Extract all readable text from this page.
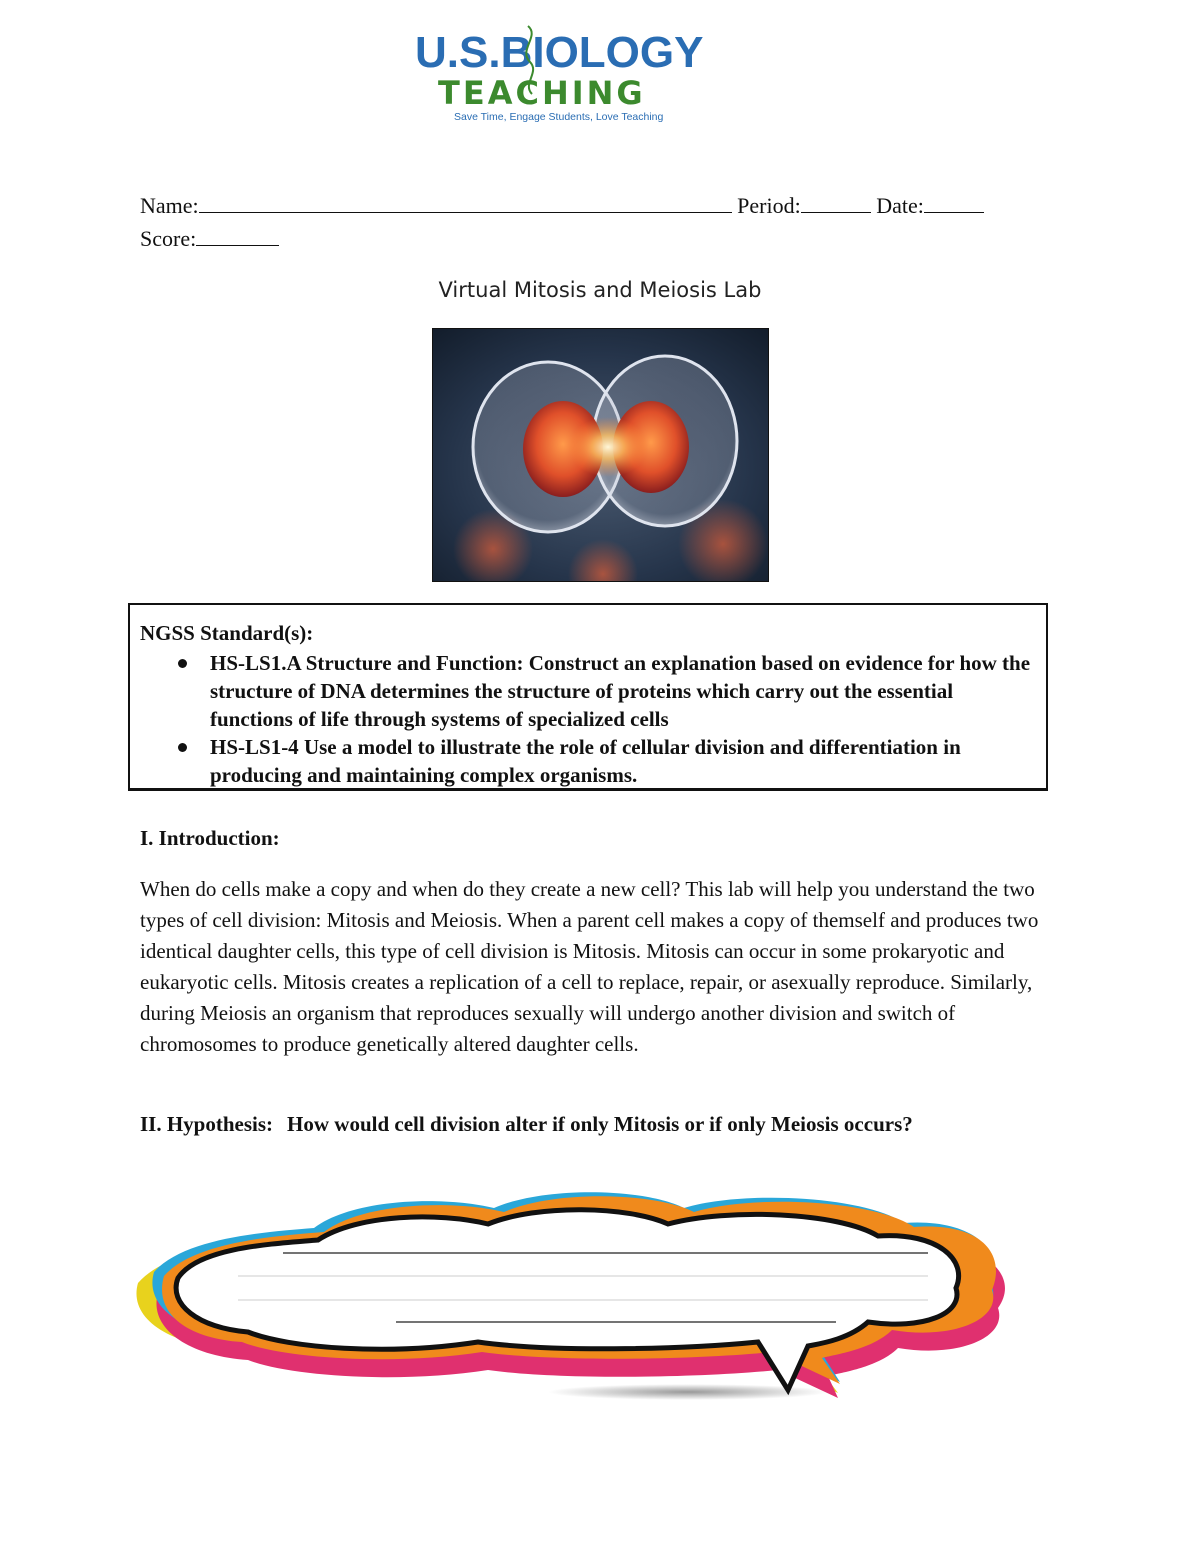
U.S.BIOLOGY
TEACHING
Save Time, Engage Students, Love Teaching
Name:	Period:	Date:
Score:
Virtual Mitosis and Meiosis Lab
NGSS Standard(s):
HS-LS1.A Structure and Function: Construct an explanation based on evidence for how the structure of DNA determines the structure of proteins which carry out the essential functions of life through systems of specialized cells
HS-LS1-4 Use a model to illustrate the role of cellular division and differentiation in producing and maintaining complex organisms.
I. Introduction:
When do cells make a copy and when do they create a new cell? This lab will help you understand the two types of cell division: Mitosis and Meiosis. When a parent cell makes a copy of themself and produces two identical daughter cells, this type of cell division is Mitosis. Mitosis can occur in some prokaryotic and eukaryotic cells. Mitosis creates a replication of a cell to replace, repair, or asexually reproduce. Similarly, during Meiosis an organism that reproduces sexually will undergo another division and switch of chromosomes to produce genetically altered daughter cells.
II. Hypothesis: How would cell division alter if only Mitosis or if only Meiosis occurs?
